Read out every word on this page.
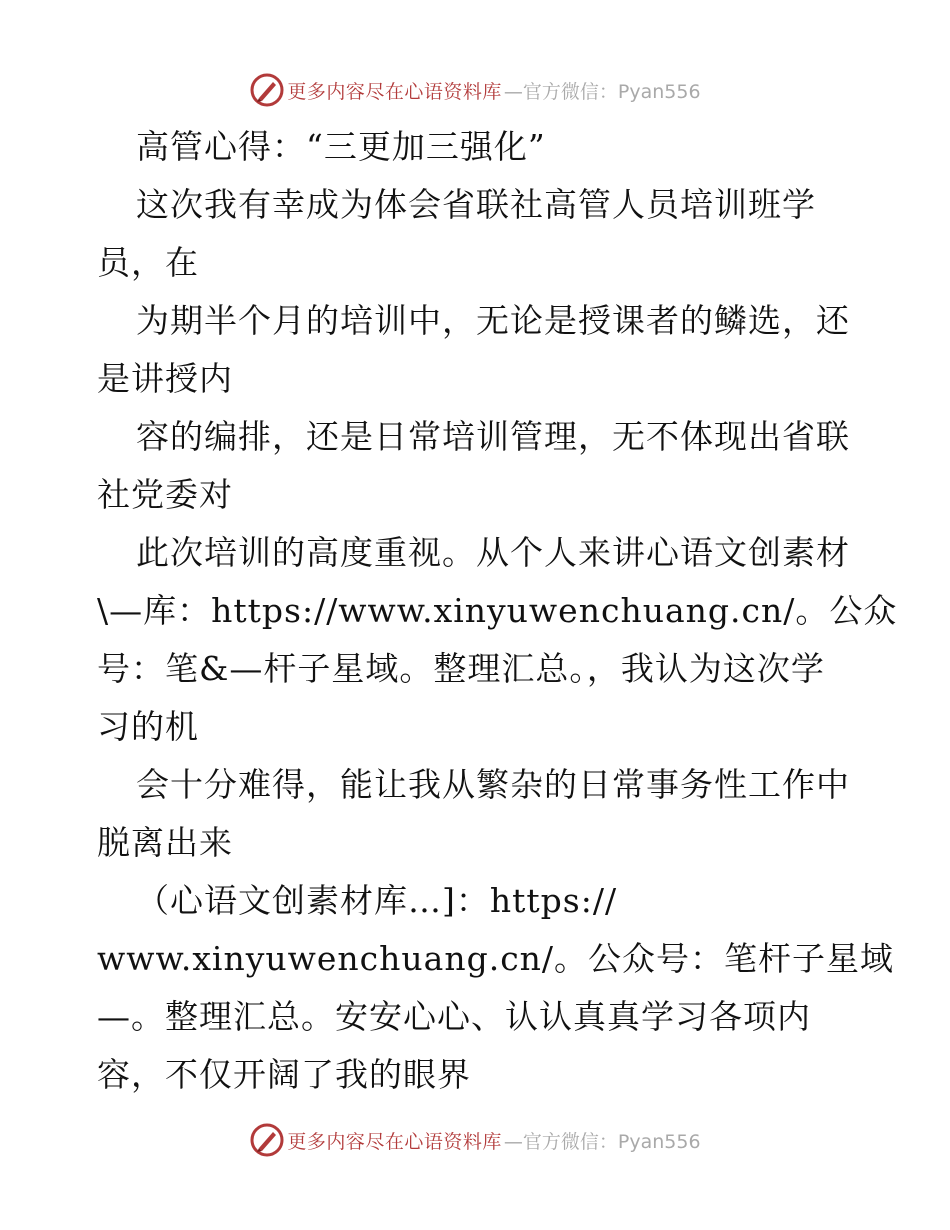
更多内容尽在心语资料库 —官方微信：Pyan556
高管心得：“三更加三强化”
这次我有幸成为体会省联社高管人员培训班学
员，在
为期半个月的培训中，无论是授课者的鳞选，还
是讲授内
容的编排，还是日常培训管理，无不体现出省联
社党委对
此次培训的高度重视。从个人来讲心语文创素材
\—库：https://www.xinyuwenchuang.cn/。公众
号：笔&—杆子星域。整理汇总。，我认为这次学
习的机
会十分难得，能让我从繁杂的日常事务性工作中
脱离出来
（心语文创素材库…]：https://
www.xinyuwenchuang.cn/。公众号：笔杆子星域
—。整理汇总。安安心心、认认真真学习各项内
容，不仅开阔了我的眼界
更多内容尽在心语资料库 —官方微信：Pyan556
